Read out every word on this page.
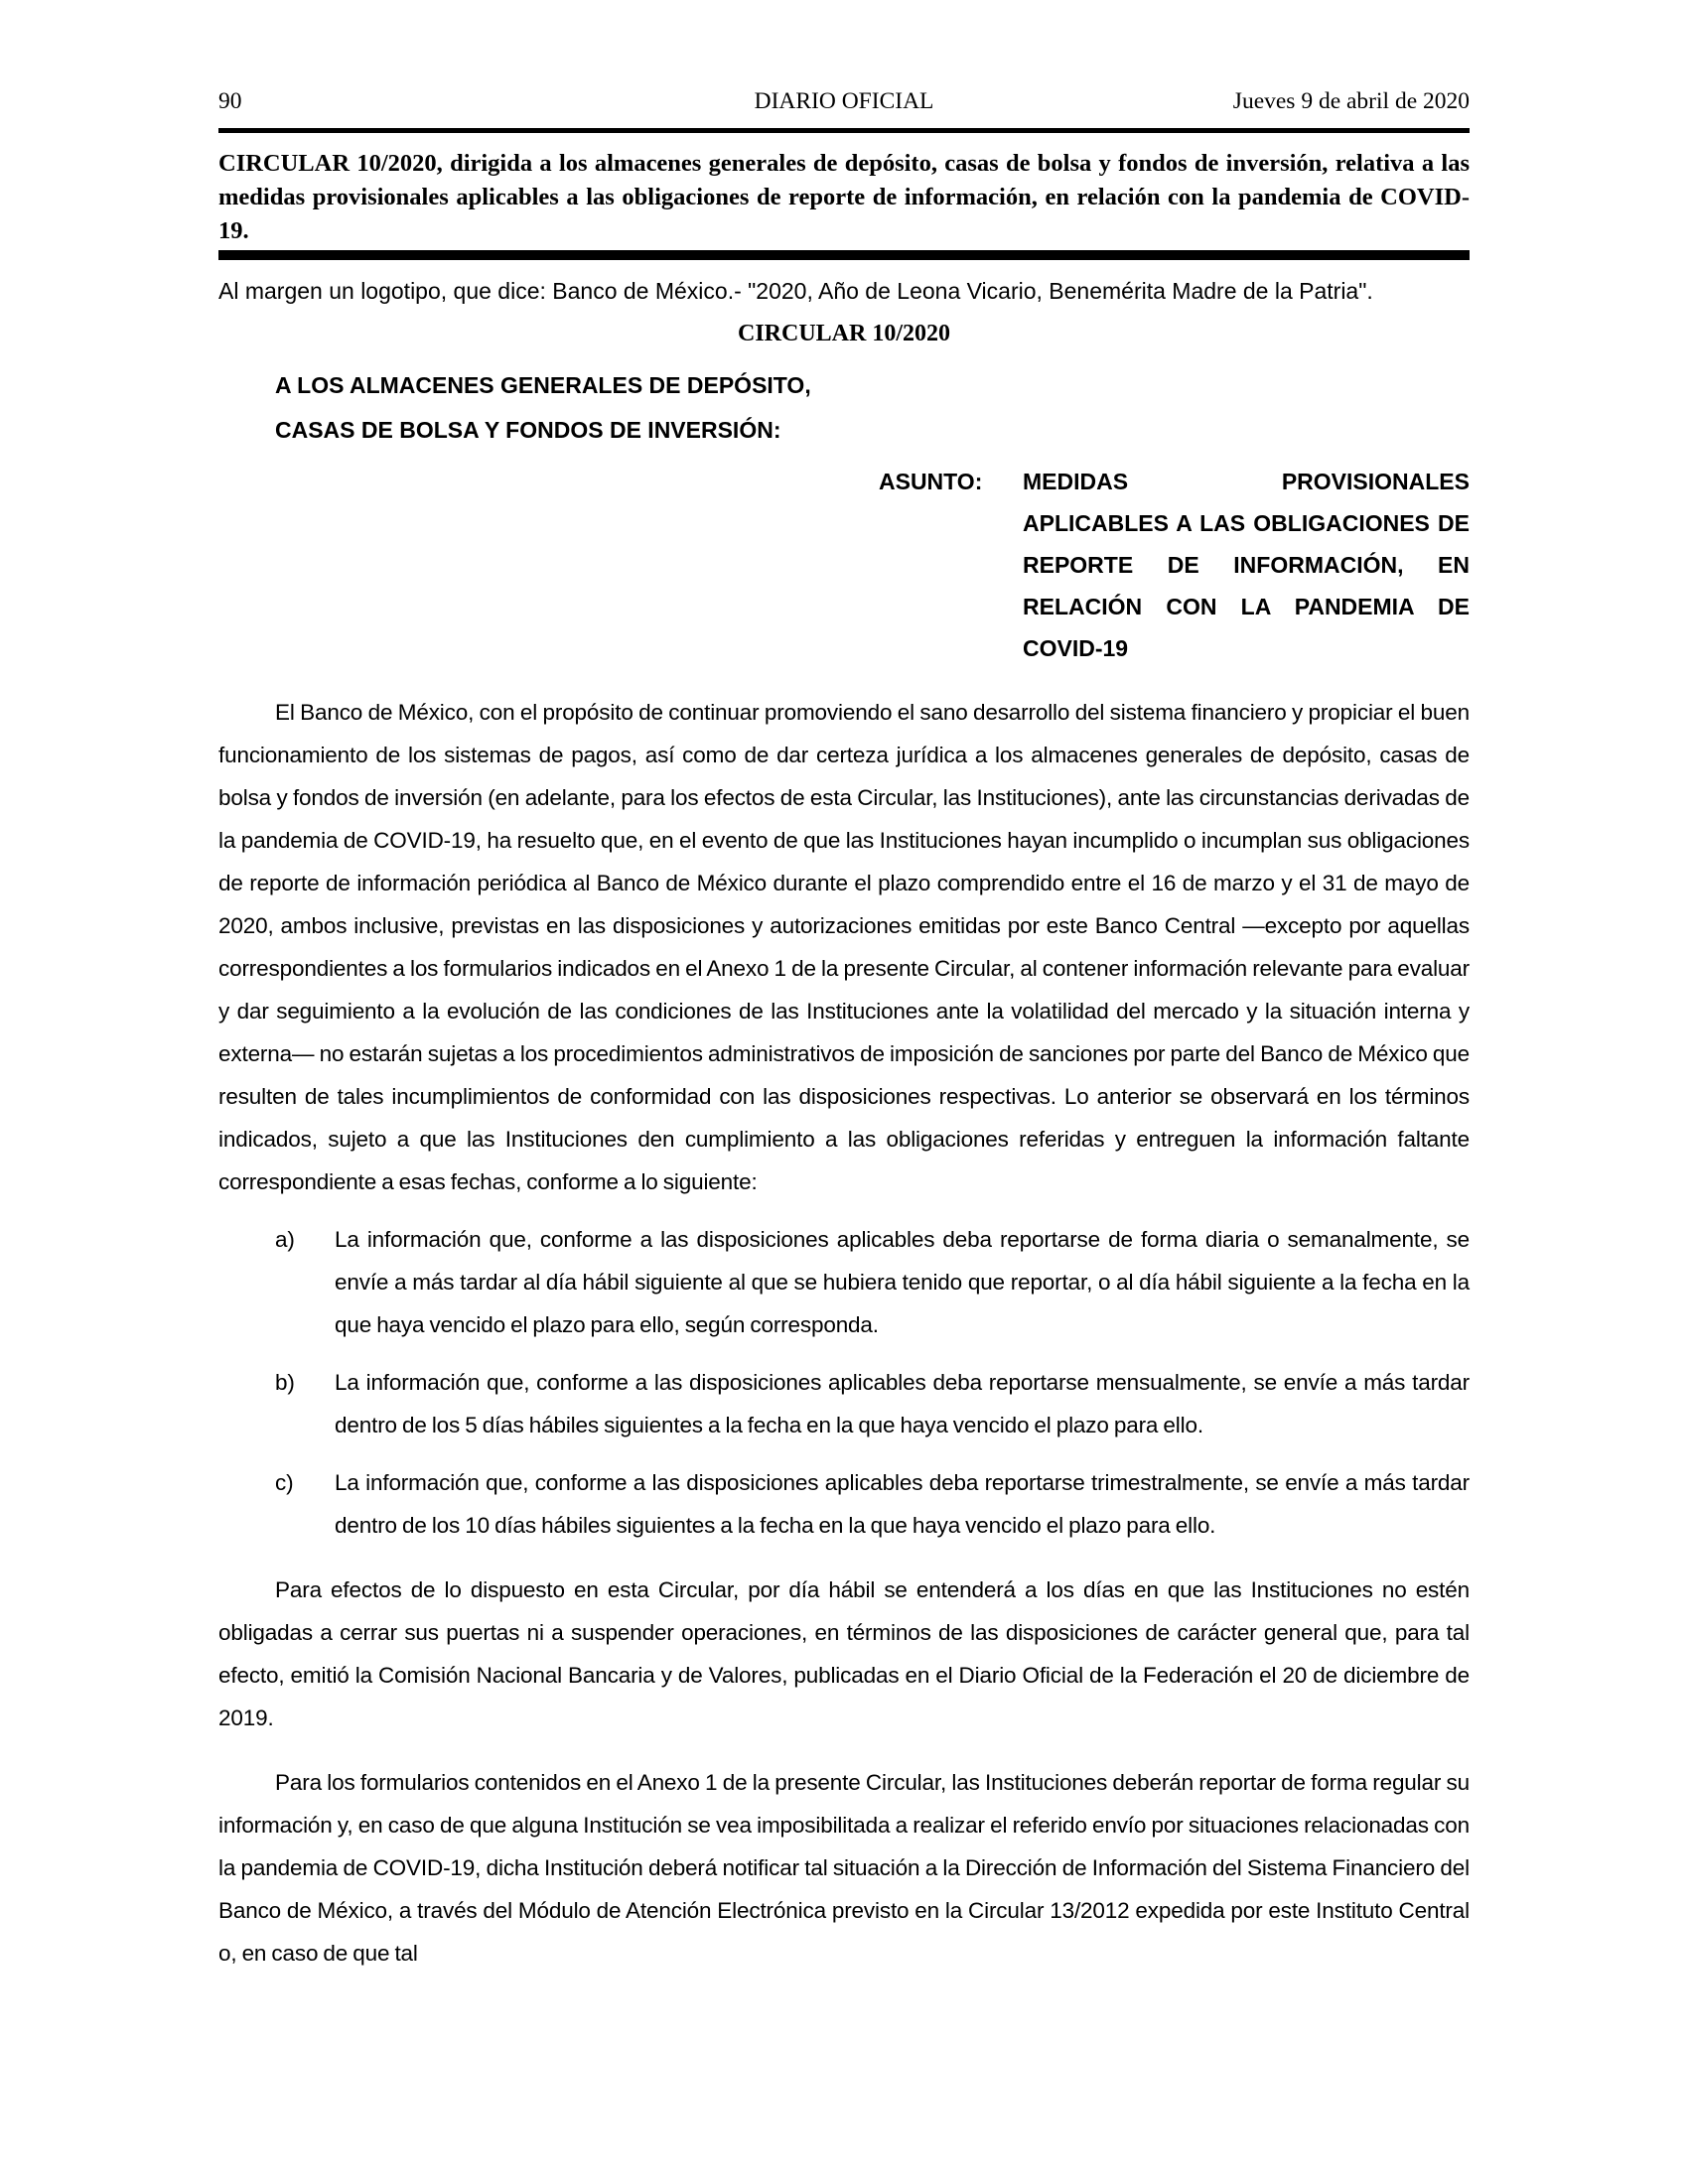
90	DIARIO OFICIAL	Jueves 9 de abril de 2020

CIRCULAR 10/2020, dirigida a los almacenes generales de depósito, casas de bolsa y fondos de inversión, relativa a las medidas provisionales aplicables a las obligaciones de reporte de información, en relación con la pandemia de COVID-19.

Al margen un logotipo, que dice: Banco de México.- "2020, Año de Leona Vicario, Benemérita Madre de la Patria".

CIRCULAR 10/2020

A LOS ALMACENES GENERALES DE DEPÓSITO,

CASAS DE BOLSA Y FONDOS DE INVERSIÓN:

ASUNTO: MEDIDAS PROVISIONALES APLICABLES A LAS OBLIGACIONES DE REPORTE DE INFORMACIÓN, EN RELACIÓN CON LA PANDEMIA DE COVID-19

El Banco de México, con el propósito de continuar promoviendo el sano desarrollo del sistema financiero y propiciar el buen funcionamiento de los sistemas de pagos, así como de dar certeza jurídica a los almacenes generales de depósito, casas de bolsa y fondos de inversión (en adelante, para los efectos de esta Circular, las Instituciones), ante las circunstancias derivadas de la pandemia de COVID-19, ha resuelto que, en el evento de que las Instituciones hayan incumplido o incumplan sus obligaciones de reporte de información periódica al Banco de México durante el plazo comprendido entre el 16 de marzo y el 31 de mayo de 2020, ambos inclusive, previstas en las disposiciones y autorizaciones emitidas por este Banco Central —excepto por aquellas correspondientes a los formularios indicados en el Anexo 1 de la presente Circular, al contener información relevante para evaluar y dar seguimiento a la evolución de las condiciones de las Instituciones ante la volatilidad del mercado y la situación interna y externa— no estarán sujetas a los procedimientos administrativos de imposición de sanciones por parte del Banco de México que resulten de tales incumplimientos de conformidad con las disposiciones respectivas. Lo anterior se observará en los términos indicados, sujeto a que las Instituciones den cumplimiento a las obligaciones referidas y entreguen la información faltante correspondiente a esas fechas, conforme a lo siguiente:

a) La información que, conforme a las disposiciones aplicables deba reportarse de forma diaria o semanalmente, se envíe a más tardar al día hábil siguiente al que se hubiera tenido que reportar, o al día hábil siguiente a la fecha en la que haya vencido el plazo para ello, según corresponda.
b) La información que, conforme a las disposiciones aplicables deba reportarse mensualmente, se envíe a más tardar dentro de los 5 días hábiles siguientes a la fecha en la que haya vencido el plazo para ello.
c) La información que, conforme a las disposiciones aplicables deba reportarse trimestralmente, se envíe a más tardar dentro de los 10 días hábiles siguientes a la fecha en la que haya vencido el plazo para ello.

Para efectos de lo dispuesto en esta Circular, por día hábil se entenderá a los días en que las Instituciones no estén obligadas a cerrar sus puertas ni a suspender operaciones, en términos de las disposiciones de carácter general que, para tal efecto, emitió la Comisión Nacional Bancaria y de Valores, publicadas en el Diario Oficial de la Federación el 20 de diciembre de 2019.

Para los formularios contenidos en el Anexo 1 de la presente Circular, las Instituciones deberán reportar de forma regular su información y, en caso de que alguna Institución se vea imposibilitada a realizar el referido envío por situaciones relacionadas con la pandemia de COVID-19, dicha Institución deberá notificar tal situación a la Dirección de Información del Sistema Financiero del Banco de México, a través del Módulo de Atención Electrónica previsto en la Circular 13/2012 expedida por este Instituto Central o, en caso de que tal
